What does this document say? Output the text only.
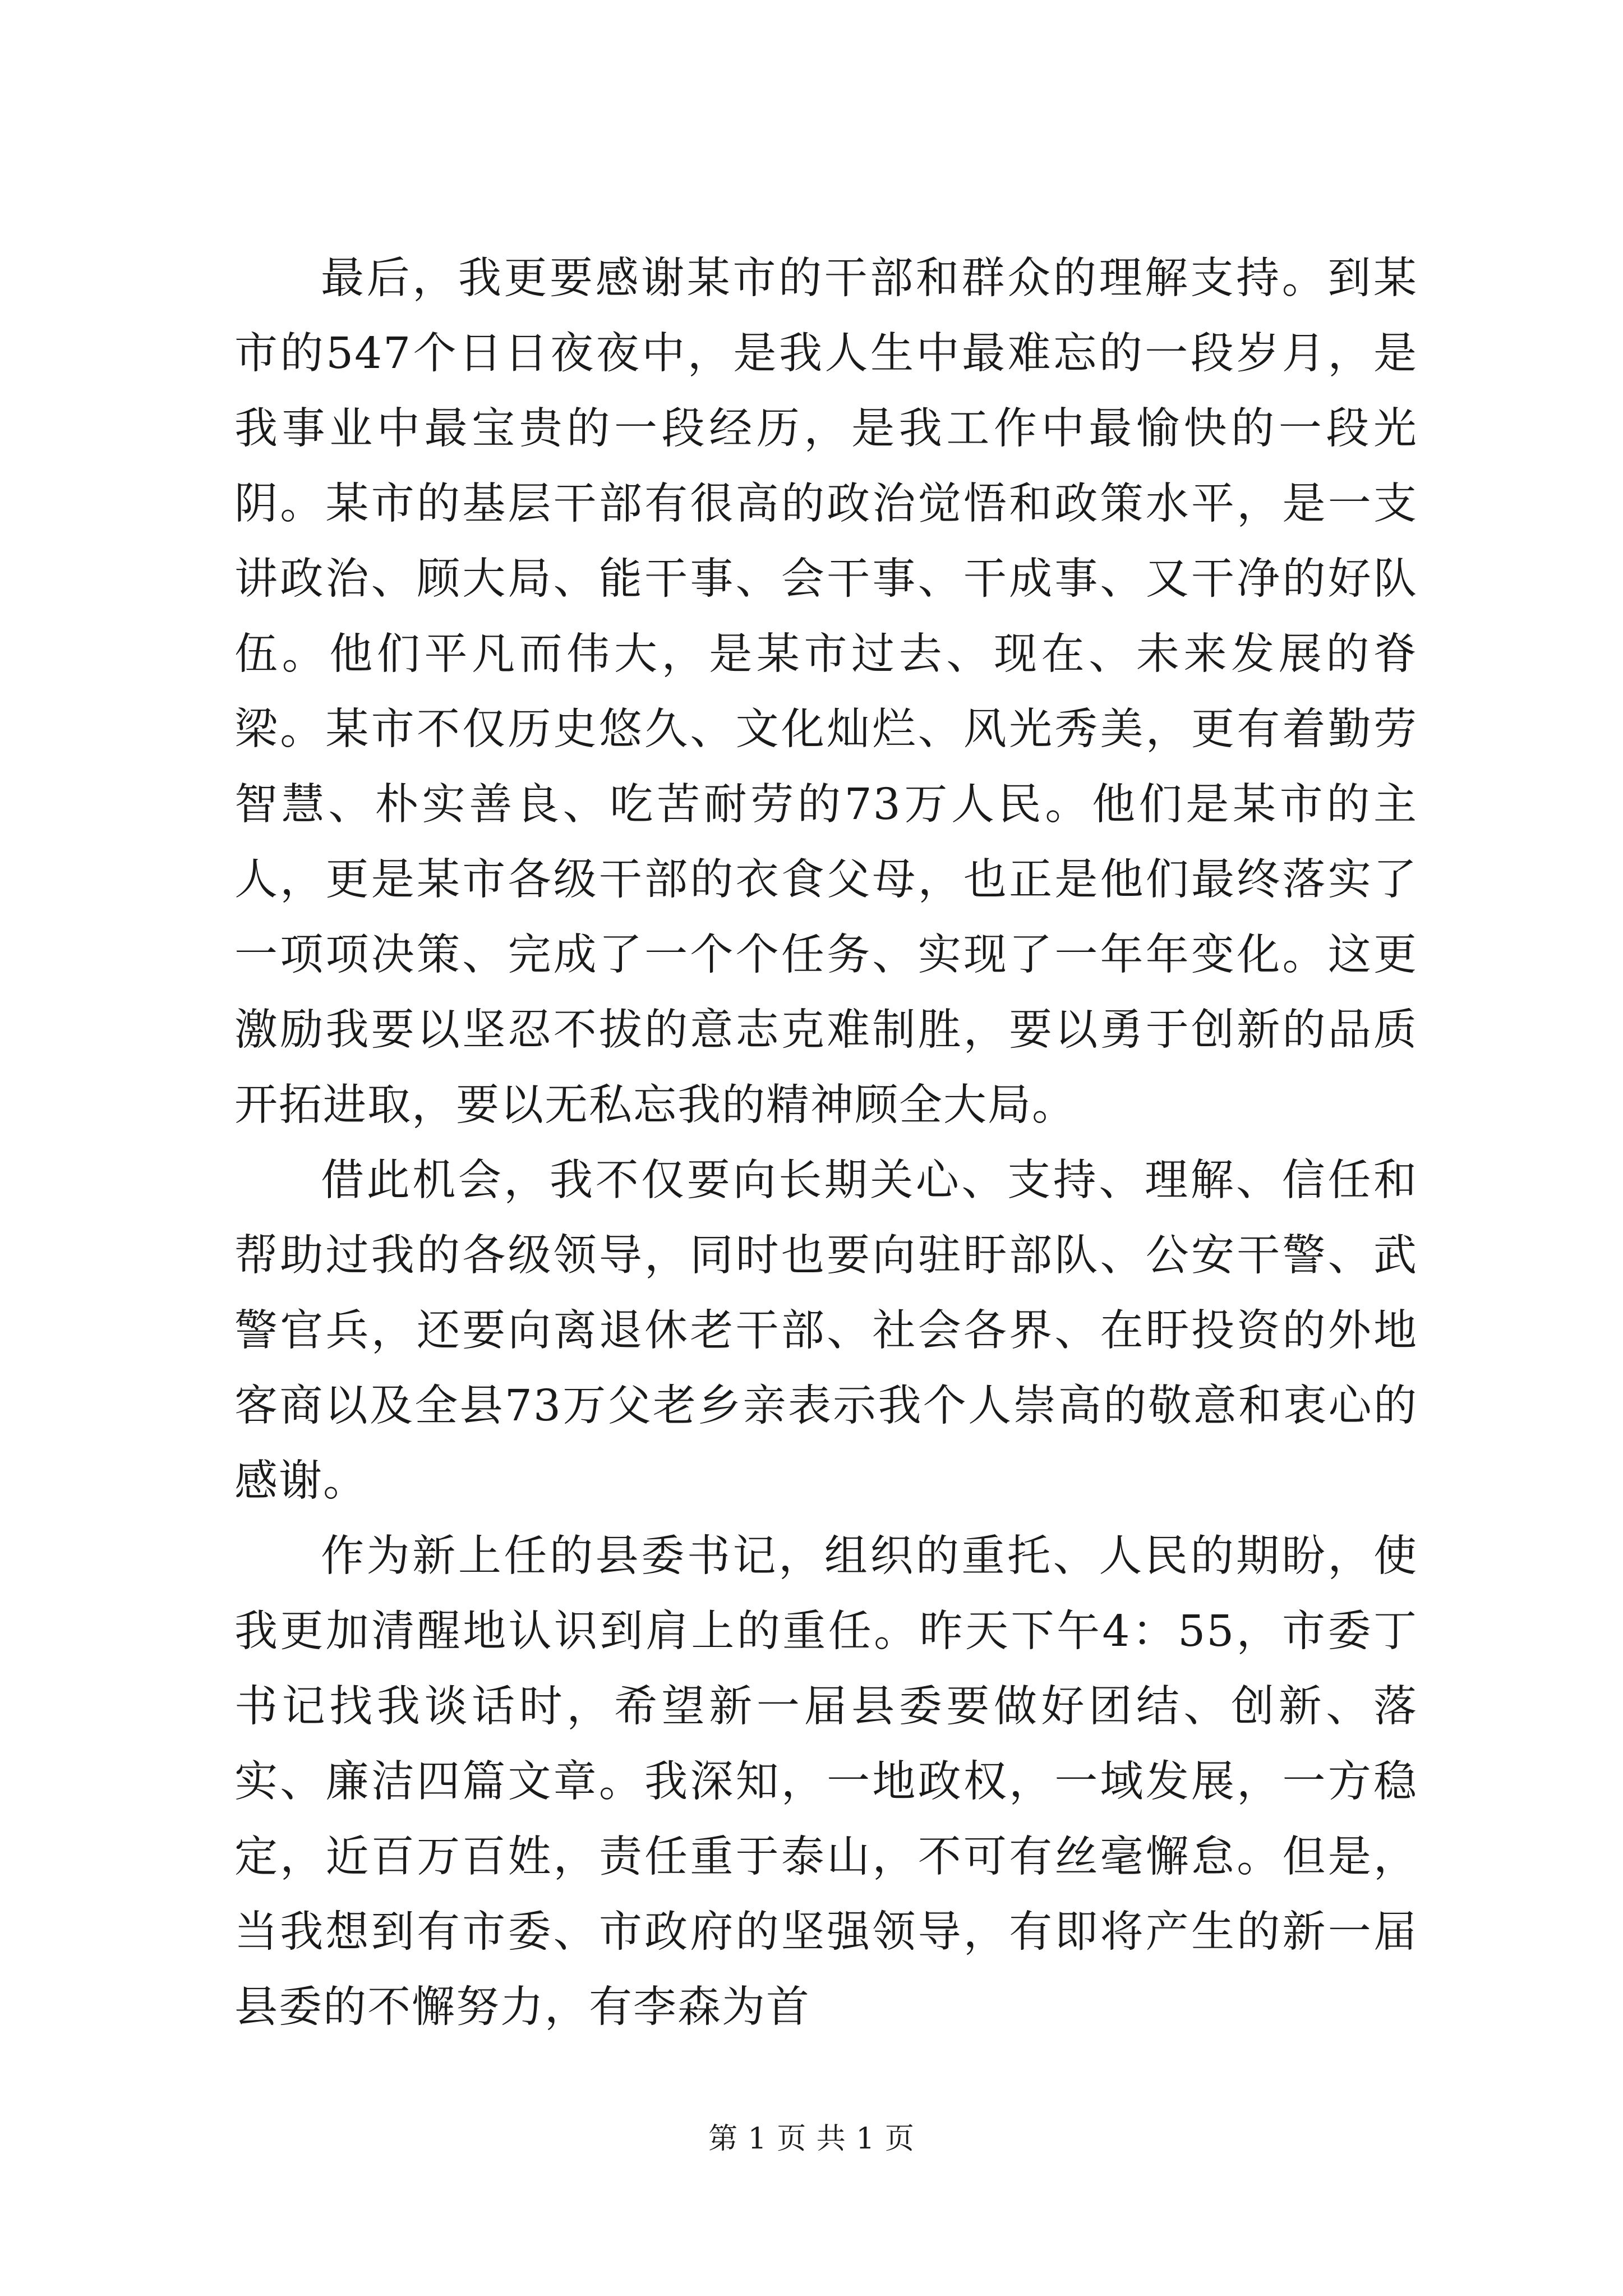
最后，我更要感谢某市的干部和群众的理解支持。到某市的547个日日夜夜中，是我人生中最难忘的一段岁月，是我事业中最宝贵的一段经历，是我工作中最愉快的一段光阴。某市的基层干部有很高的政治觉悟和政策水平，是一支讲政治、顾大局、能干事、会干事、干成事、又干净的好队伍。他们平凡而伟大，是某市过去、现在、未来发展的脊梁。某市不仅历史悠久、文化灿烂、风光秀美，更有着勤劳智慧、朴实善良、吃苦耐劳的73万人民。他们是某市的主人，更是某市各级干部的衣食父母，也正是他们最终落实了一项项决策、完成了一个个任务、实现了一年年变化。这更激励我要以坚忍不拔的意志克难制胜，要以勇于创新的品质开拓进取，要以无私忘我的精神顾全大局。

借此机会，我不仅要向长期关心、支持、理解、信任和帮助过我的各级领导，同时也要向驻盱部队、公安干警、武警官兵，还要向离退休老干部、社会各界、在盱投资的外地客商以及全县73万父老乡亲表示我个人崇高的敬意和衷心的感谢。

作为新上任的县委书记，组织的重托、人民的期盼，使我更加清醒地认识到肩上的重任。昨天下午4：55，市委丁书记找我谈话时，希望新一届县委要做好团结、创新、落实、廉洁四篇文章。我深知，一地政权，一域发展，一方稳定，近百万百姓，责任重于泰山，不可有丝毫懈怠。但是，当我想到有市委、市政府的坚强领导，有即将产生的新一届县委的不懈努力，有李森为首

第 1 页 共 1 页
